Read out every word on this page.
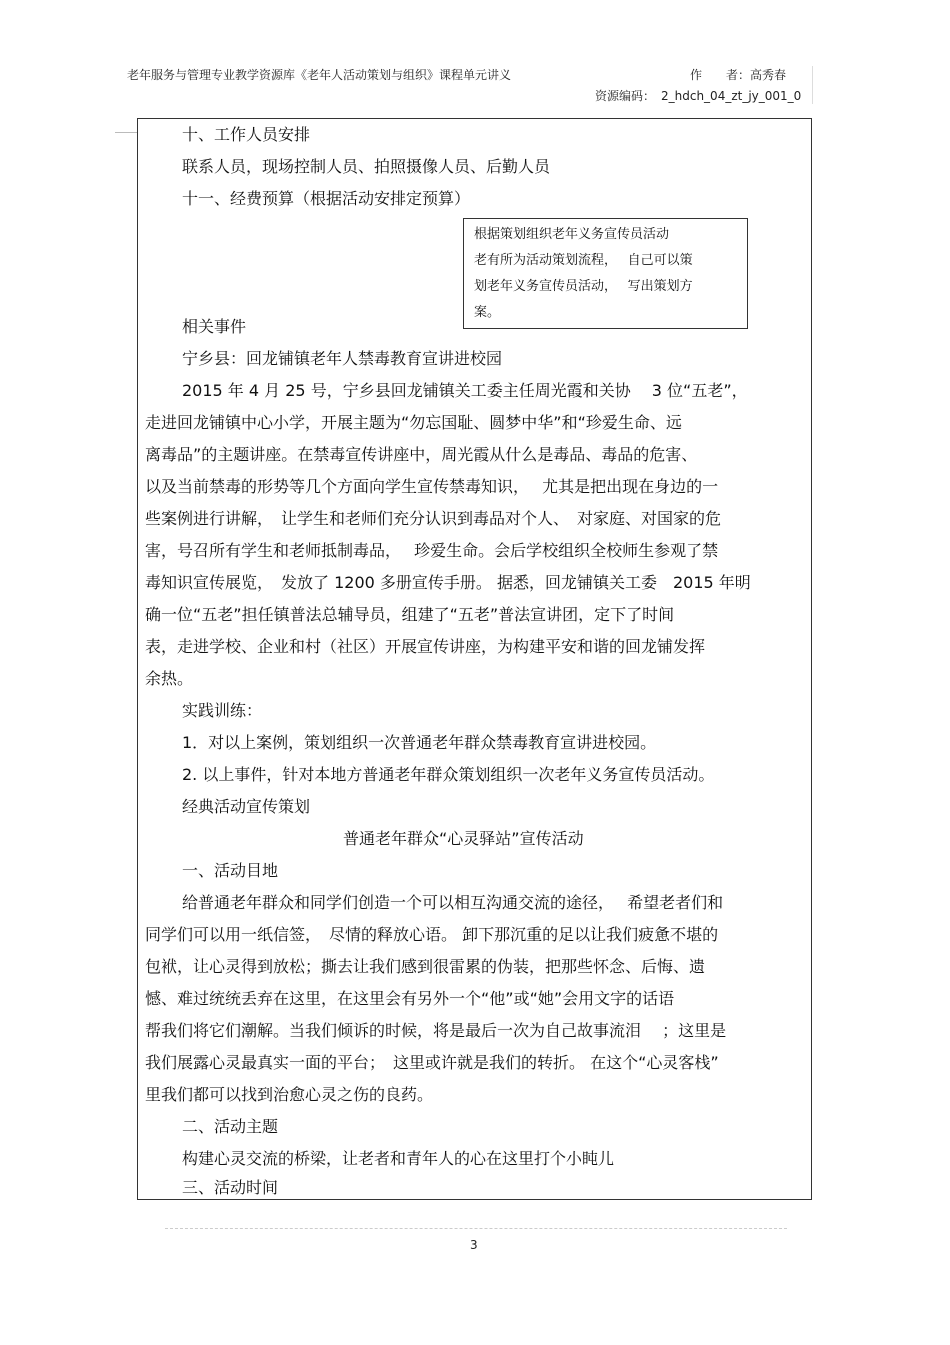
老年服务与管理专业教学资源库《老年人活动策划与组织》课程单元讲义	作　　者：高秀春
资源编码：　2_hdch_04_zt_jy_001_0
根据策划组织老年义务宣传员活动
老有所为活动策划流程，　 自己可以策
划老年义务宣传员活动，　 写出策划方
案。
十、工作人员安排
联系人员，现场控制人员、拍照摄像人员、后勤人员
十一、经费预算（根据活动安排定预算）
相关事件
宁乡县：回龙铺镇老年人禁毒教育宣讲进校园
2015 年 4 月 25 号，宁乡县回龙铺镇关工委主任周光霞和关协　 3 位“五老”，
走进回龙铺镇中心小学，开展主题为“勿忘国耻、圆梦中华”和“珍爱生命、远
离毒品”的主题讲座。在禁毒宣传讲座中，周光霞从什么是毒品、毒品的危害、
以及当前禁毒的形势等几个方面向学生宣传禁毒知识，　 尤其是把出现在身边的一
些案例进行讲解，　让学生和老师们充分认识到毒品对个人、　对家庭、对国家的危
害，号召所有学生和老师抵制毒品，　 珍爱生命。会后学校组织全校师生参观了禁
毒知识宣传展览，　发放了 1200 多册宣传手册。 据悉，回龙铺镇关工委　2015 年明
确一位“五老”担任镇普法总辅导员，组建了“五老”普法宣讲团，定下了时间
表，走进学校、企业和村（社区）开展宣传讲座，为构建平安和谐的回龙铺发挥
余热。
实践训练：
1．对以上案例，策划组织一次普通老年群众禁毒教育宣讲进校园。
2. 以上事件，针对本地方普通老年群众策划组织一次老年义务宣传员活动。
经典活动宣传策划
普通老年群众“心灵驿站”宣传活动
一、活动目地
给普通老年群众和同学们创造一个可以相互沟通交流的途径，　 希望老者们和
同学们可以用一纸信签，　尽情的释放心语。 卸下那沉重的足以让我们疲惫不堪的
包袱，让心灵得到放松；撕去让我们感到很雷累的伪装，把那些怀念、后悔、遗
憾、难过统统丢弃在这里，在这里会有另外一个“他”或“她”会用文字的话语
帮我们将它们潮解。当我们倾诉的时候，将是最后一次为自己故事流泪　 ；这里是
我们展露心灵最真实一面的平台；　这里或许就是我们的转折。 在这个“心灵客栈”
里我们都可以找到治愈心灵之伤的良药。
二、活动主题
构建心灵交流的桥梁，让老者和青年人的心在这里打个小盹儿
三、活动时间
3
